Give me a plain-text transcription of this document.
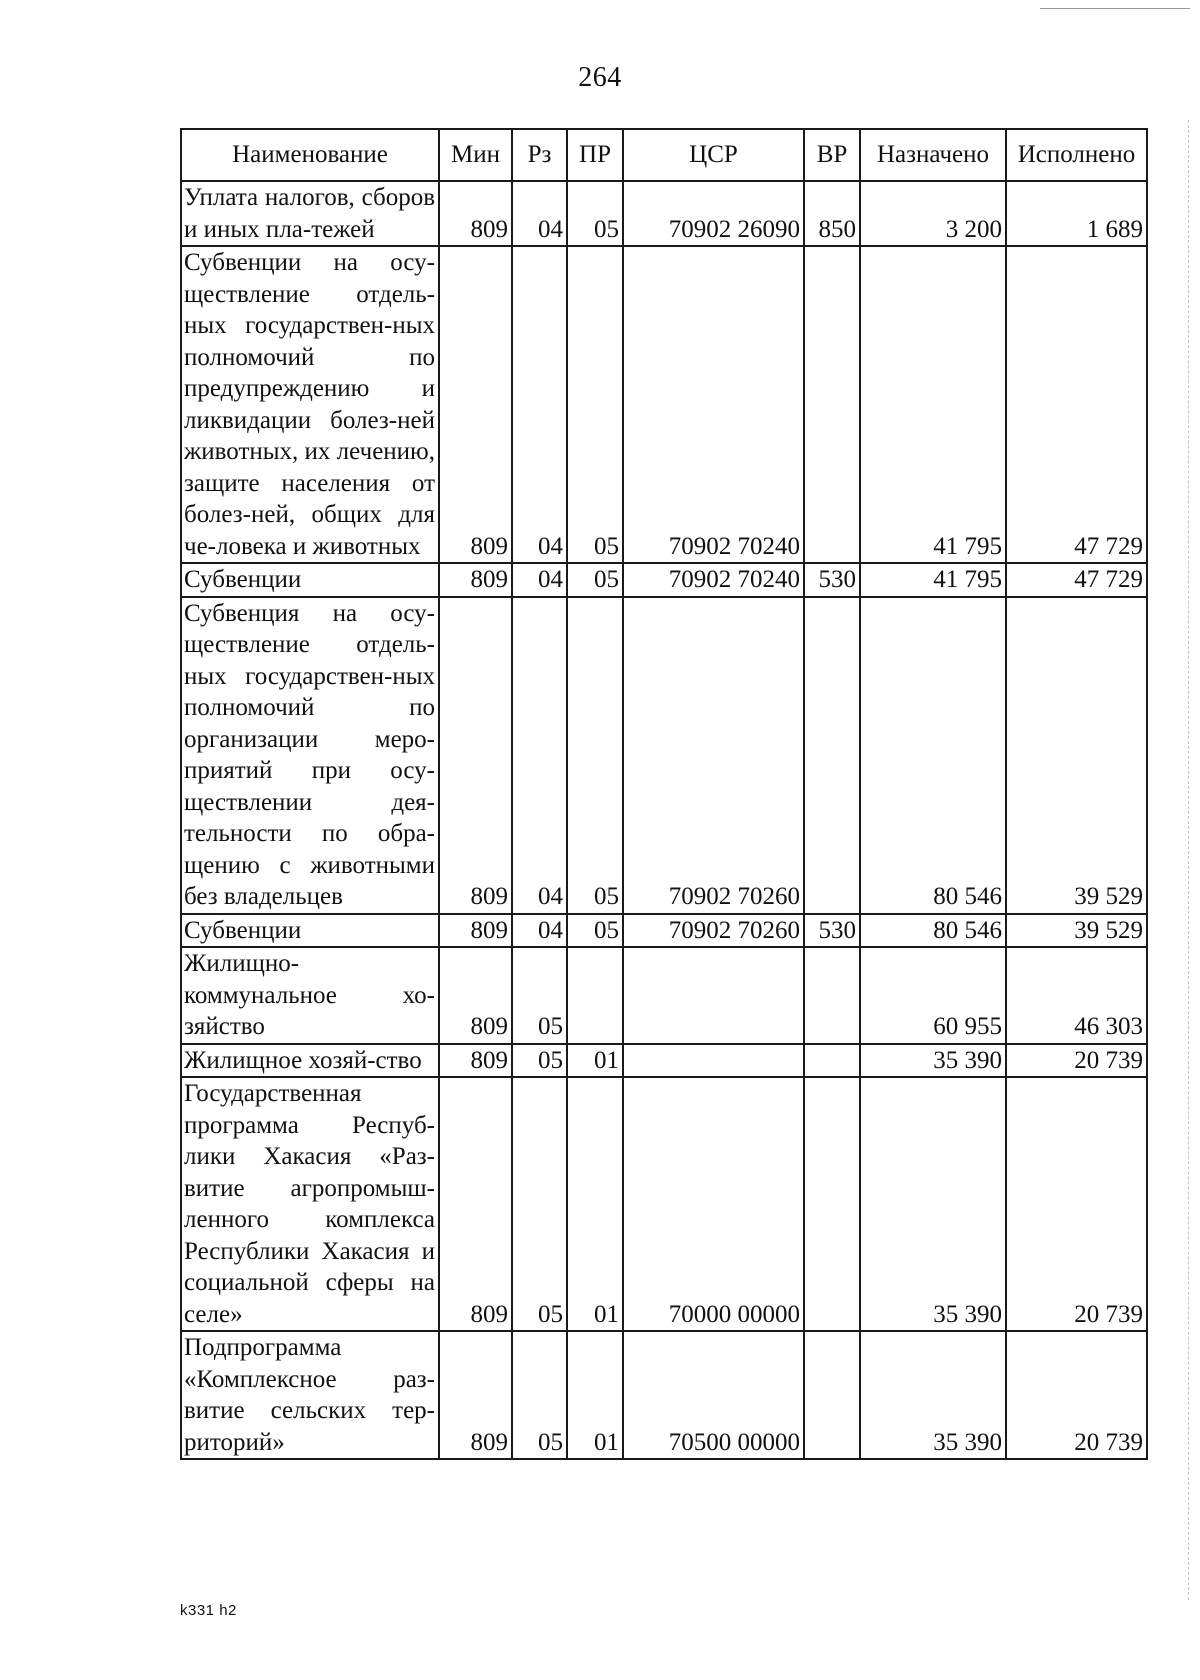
264
Наименование	Мин	Рз	ПР	ЦСР	ВР	Назначено	Исполнено
Уплата налогов, сборов и иных пла-тежей	809	04	05	70902 26090	850	3 200	1 689
Субвенции на осу-ществление отдель-ных государствен-ных полномочий по предупреждению и ликвидации болез-ней животных, их лечению, защите населения от болез-ней, общих для че-ловека и животных	809	04	05	70902 70240		41 795	47 729
Субвенции	809	04	05	70902 70240	530	41 795	47 729
Субвенция на осу-ществление отдель-ных государствен-ных полномочий по организации меро-приятий при осу-ществлении дея-тельности по обра-щению с животными без владельцев	809	04	05	70902 70260		80 546	39 529
Субвенции	809	04	05	70902 70260	530	80 546	39 529
Жилищно-коммунальное хо-зяйство	809	05				60 955	46 303
Жилищное хозяй-ство	809	05	01			35 390	20 739
Государственная программа Респуб-лики Хакасия «Раз-витие агропромыш-ленного комплекса Республики Хакасия и социальной сферы на селе»	809	05	01	70000 00000		35 390	20 739
Подпрограмма «Комплексное раз-витие сельских тер-риторий»	809	05	01	70500 00000		35 390	20 739
k331 h2
